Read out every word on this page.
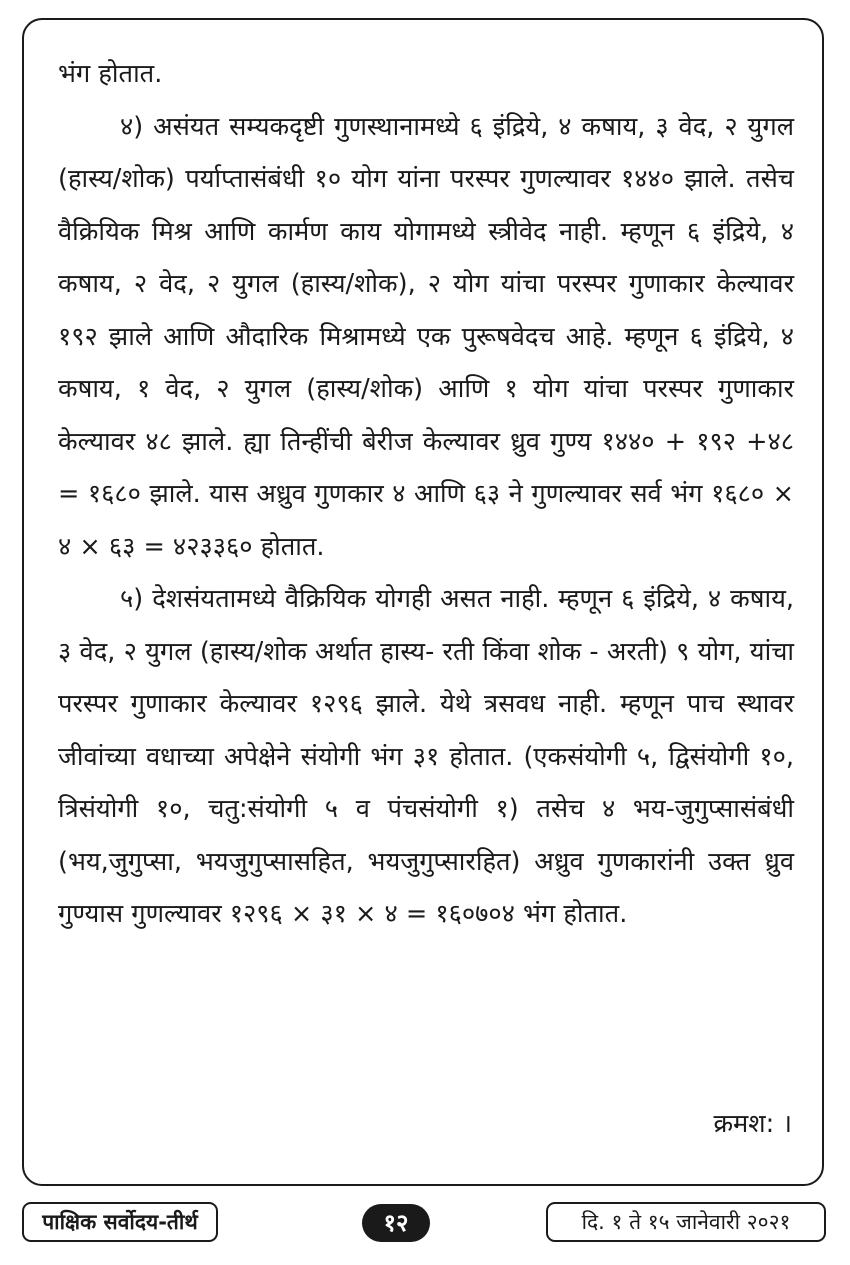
भंग होतात.

४) असंयत सम्यकदृष्टी गुणस्थानामध्ये ६ इंद्रिये, ४ कषाय, ३ वेद, २ युगल (हास्य/शोक) पर्याप्तासंबंधी १० योग यांना परस्पर गुणल्यावर १४४० झाले. तसेच वैक्रियिक मिश्र आणि कार्मण काय योगामध्ये स्त्रीवेद नाही. म्हणून ६ इंद्रिये, ४ कषाय, २ वेद, २ युगल (हास्य/शोक), २ योग यांचा परस्पर गुणाकार केल्यावर १९२ झाले आणि औदारिक मिश्रामध्ये एक पुरूषवेदच आहे. म्हणून ६ इंद्रिये, ४ कषाय, १ वेद, २ युगल (हास्य/शोक) आणि १ योग यांचा परस्पर गुणाकार केल्यावर ४८ झाले. ह्या तिन्हींची बेरीज केल्यावर ध्रुव गुण्य १४४० + १९२ +४८ = १६८० झाले. यास अध्रुव गुणकार ४ आणि ६३ ने गुणल्यावर सर्व भंग १६८० × ४ × ६३ = ४२३३६० होतात.

५) देशसंयतामध्ये वैक्रियिक योगही असत नाही. म्हणून ६ इंद्रिये, ४ कषाय, ३ वेद, २ युगल (हास्य/शोक अर्थात हास्य- रती किंवा शोक - अरती) ९ योग, यांचा परस्पर गुणाकार केल्यावर १२९६ झाले. येथे त्रसवध नाही. म्हणून पाच स्थावर जीवांच्या वधाच्या अपेक्षेने संयोगी भंग ३१ होतात. (एकसंयोगी ५, द्विसंयोगी १०, त्रिसंयोगी १०, चतु:संयोगी ५ व पंचसंयोगी १) तसेच ४ भय-जुगुप्सासंबंधी (भय,जुगुप्सा, भयजुगुप्सासहित, भयजुगुप्सारहित) अध्रुव गुणकारांनी उक्त ध्रुव गुण्यास गुणल्यावर १२९६ × ३१ × ४ = १६०७०४ भंग होतात.

क्रमश: ।
पाक्षिक सर्वोदय-तीर्थ	१२	दि. १ ते १५ जानेवारी २०२१
